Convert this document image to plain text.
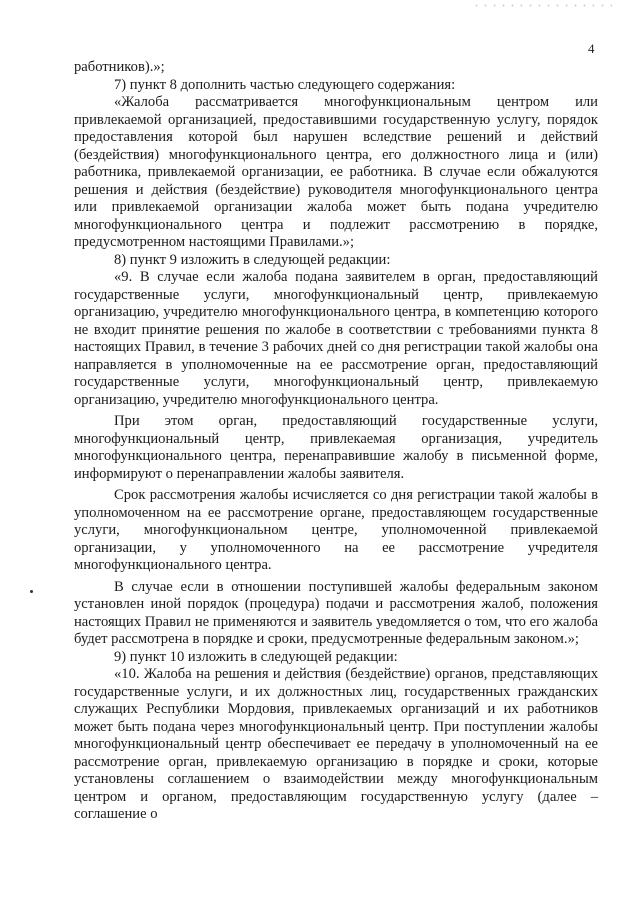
4

работников).»;

7) пункт 8 дополнить частью следующего содержания:

«Жалоба рассматривается многофункциональным центром или привлекаемой организацией, предоставившими государственную услугу, порядок предоставления которой был нарушен вследствие решений и действий (бездействия) многофункционального центра, его должностного лица и (или) работника, привлекаемой организации, ее работника. В случае если обжалуются решения и действия (бездействие) руководителя многофункционального центра или привлекаемой организации жалоба может быть подана учредителю многофункционального центра и подлежит рассмотрению в порядке, предусмотренном настоящими Правилами.»;

8) пункт 9 изложить в следующей редакции:

«9. В случае если жалоба подана заявителем в орган, предоставляющий государственные услуги, многофункциональный центр, привлекаемую организацию, учредителю многофункционального центра, в компетенцию которого не входит принятие решения по жалобе в соответствии с требованиями пункта 8 настоящих Правил, в течение 3 рабочих дней со дня регистрации такой жалобы она направляется в уполномоченные на ее рассмотрение орган, предоставляющий государственные услуги, многофункциональный центр, привлекаемую организацию, учредителю многофункционального центра.

При этом орган, предоставляющий государственные услуги, многофункциональный центр, привлекаемая организация, учредитель многофункционального центра, перенаправившие жалобу в письменной форме, информируют о перенаправлении жалобы заявителя.

Срок рассмотрения жалобы исчисляется со дня регистрации такой жалобы в уполномоченном на ее рассмотрение органе, предоставляющем государственные услуги, многофункциональном центре, уполномоченной привлекаемой организации, у уполномоченного на ее рассмотрение учредителя многофункционального центра.

В случае если в отношении поступившей жалобы федеральным законом установлен иной порядок (процедура) подачи и рассмотрения жалоб, положения настоящих Правил не применяются и заявитель уведомляется о том, что его жалоба будет рассмотрена в порядке и сроки, предусмотренные федеральным законом.»;

9) пункт 10 изложить в следующей редакции:

«10. Жалоба на решения и действия (бездействие) органов, представляющих государственные услуги, и их должностных лиц, государственных гражданских служащих Республики Мордовия, привлекаемых организаций и их работников может быть подана через многофункциональный центр. При поступлении жалобы многофункциональный центр обеспечивает ее передачу в уполномоченный на ее рассмотрение орган, привлекаемую организацию в порядке и сроки, которые установлены соглашением о взаимодействии между многофункциональным центром и органом, предоставляющим государственную услугу (далее – соглашение о
